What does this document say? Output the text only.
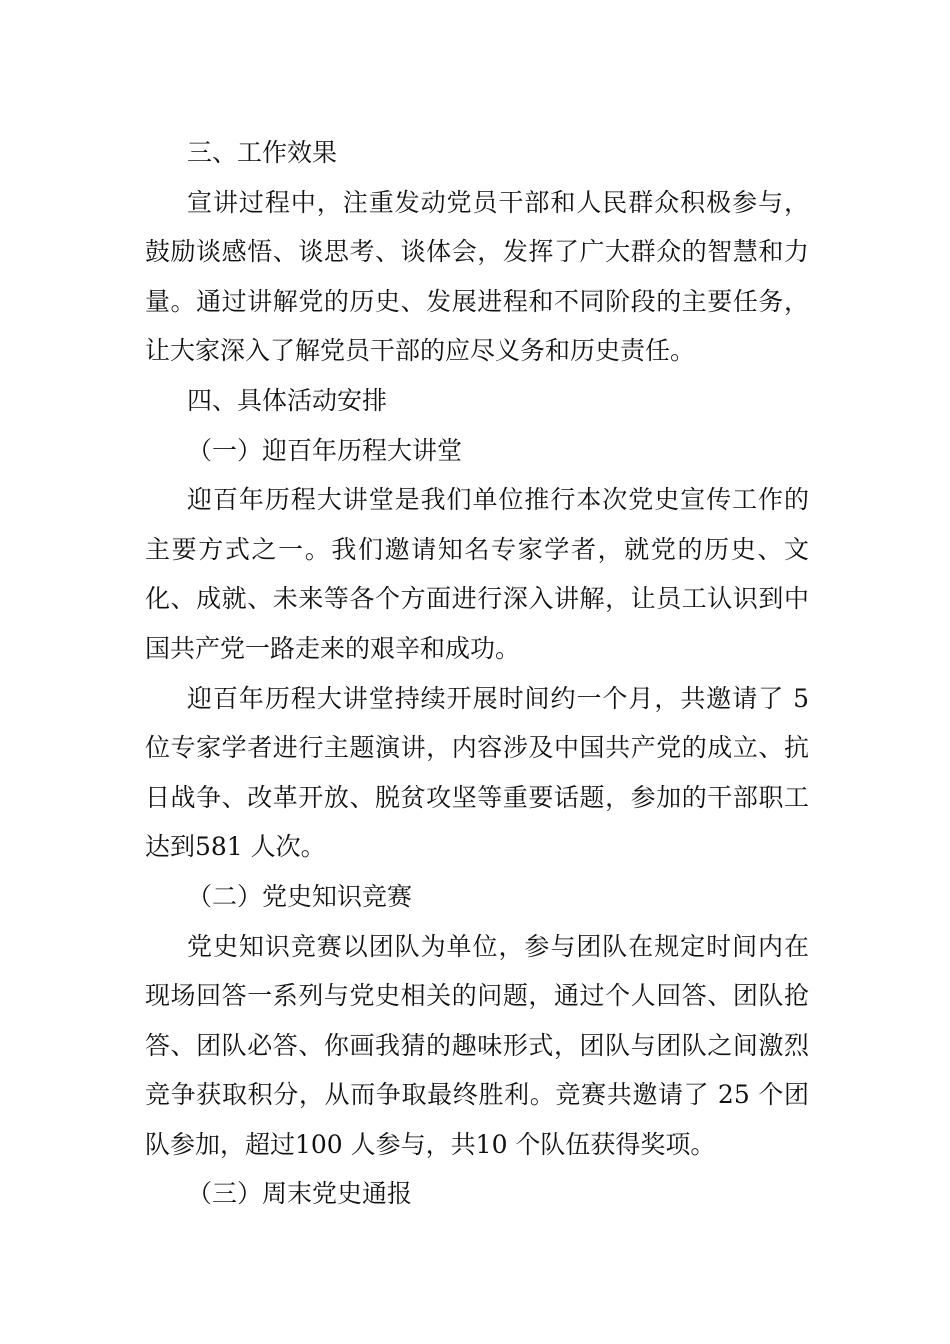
三、工作效果

宣讲过程中，注重发动党员干部和人民群众积极参与，鼓励谈感悟、谈思考、谈体会，发挥了广大群众的智慧和力量。通过讲解党的历史、发展进程和不同阶段的主要任务，让大家深入了解党员干部的应尽义务和历史责任。

四、具体活动安排

（一）迎百年历程大讲堂

迎百年历程大讲堂是我们单位推行本次党史宣传工作的主要方式之一。我们邀请知名专家学者，就党的历史、文化、成就、未来等各个方面进行深入讲解，让员工认识到中国共产党一路走来的艰辛和成功。

迎百年历程大讲堂持续开展时间约一个月，共邀请了 5 位专家学者进行主题演讲，内容涉及中国共产党的成立、抗日战争、改革开放、脱贫攻坚等重要话题，参加的干部职工达到581 人次。

（二）党史知识竞赛

党史知识竞赛以团队为单位，参与团队在规定时间内在现场回答一系列与党史相关的问题，通过个人回答、团队抢答、团队必答、你画我猜的趣味形式，团队与团队之间激烈竞争获取积分，从而争取最终胜利。竞赛共邀请了 25 个团队参加，超过100 人参与，共10 个队伍获得奖项。

（三）周末党史通报
